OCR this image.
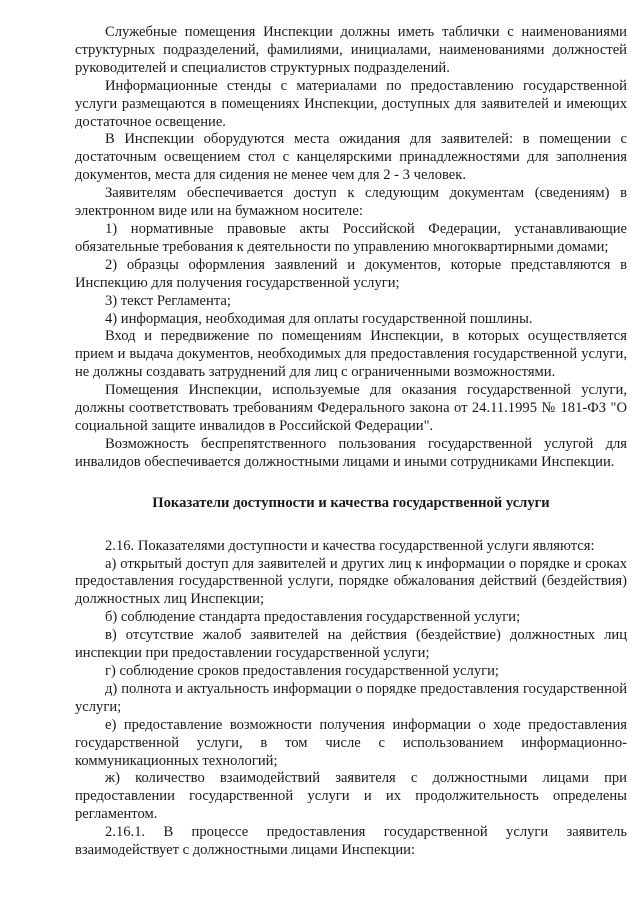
Служебные помещения Инспекции должны иметь таблички с наименованиями структурных подразделений, фамилиями, инициалами, наименованиями должностей руководителей и специалистов структурных подразделений.

Информационные стенды с материалами по предоставлению государственной услуги размещаются в помещениях Инспекции, доступных для заявителей и имеющих достаточное освещение.

В Инспекции оборудуются места ожидания для заявителей: в помещении с достаточным освещением стол с канцелярскими принадлежностями для заполнения документов, места для сидения не менее чем для 2 - 3 человек.

Заявителям обеспечивается доступ к следующим документам (сведениям) в электронном виде или на бумажном носителе:

1) нормативные правовые акты Российской Федерации, устанавливающие обязательные требования к деятельности по управлению многоквартирными домами;

2) образцы оформления заявлений и документов, которые представляются в Инспекцию для получения государственной услуги;

3) текст Регламента;

4) информация, необходимая для оплаты государственной пошлины.

Вход и передвижение по помещениям Инспекции, в которых осуществляется прием и выдача документов, необходимых для предоставления государственной услуги, не должны создавать затруднений для лиц с ограниченными возможностями.

Помещения Инспекции, используемые для оказания государственной услуги, должны соответствовать требованиям Федерального закона от 24.11.1995 № 181-ФЗ "О социальной защите инвалидов в Российской Федерации".

Возможность беспрепятственного пользования государственной услугой для инвалидов обеспечивается должностными лицами и иными сотрудниками Инспекции.

Показатели доступности и качества государственной услуги

2.16. Показателями доступности и качества государственной услуги являются:

а) открытый доступ для заявителей и других лиц к информации о порядке и сроках предоставления государственной услуги, порядке обжалования действий (бездействия) должностных лиц Инспекции;

б) соблюдение стандарта предоставления государственной услуги;

в) отсутствие жалоб заявителей на действия (бездействие) должностных лиц инспекции при предоставлении государственной услуги;

г) соблюдение сроков предоставления государственной услуги;

д) полнота и актуальность информации о порядке предоставления государственной услуги;

е) предоставление возможности получения информации о ходе предоставления государственной услуги, в том числе с использованием информационно-коммуникационных технологий;

ж) количество взаимодействий заявителя с должностными лицами при предоставлении государственной услуги и их продолжительность определены регламентом.

2.16.1. В процессе предоставления государственной услуги заявитель взаимодействует с должностными лицами Инспекции:
